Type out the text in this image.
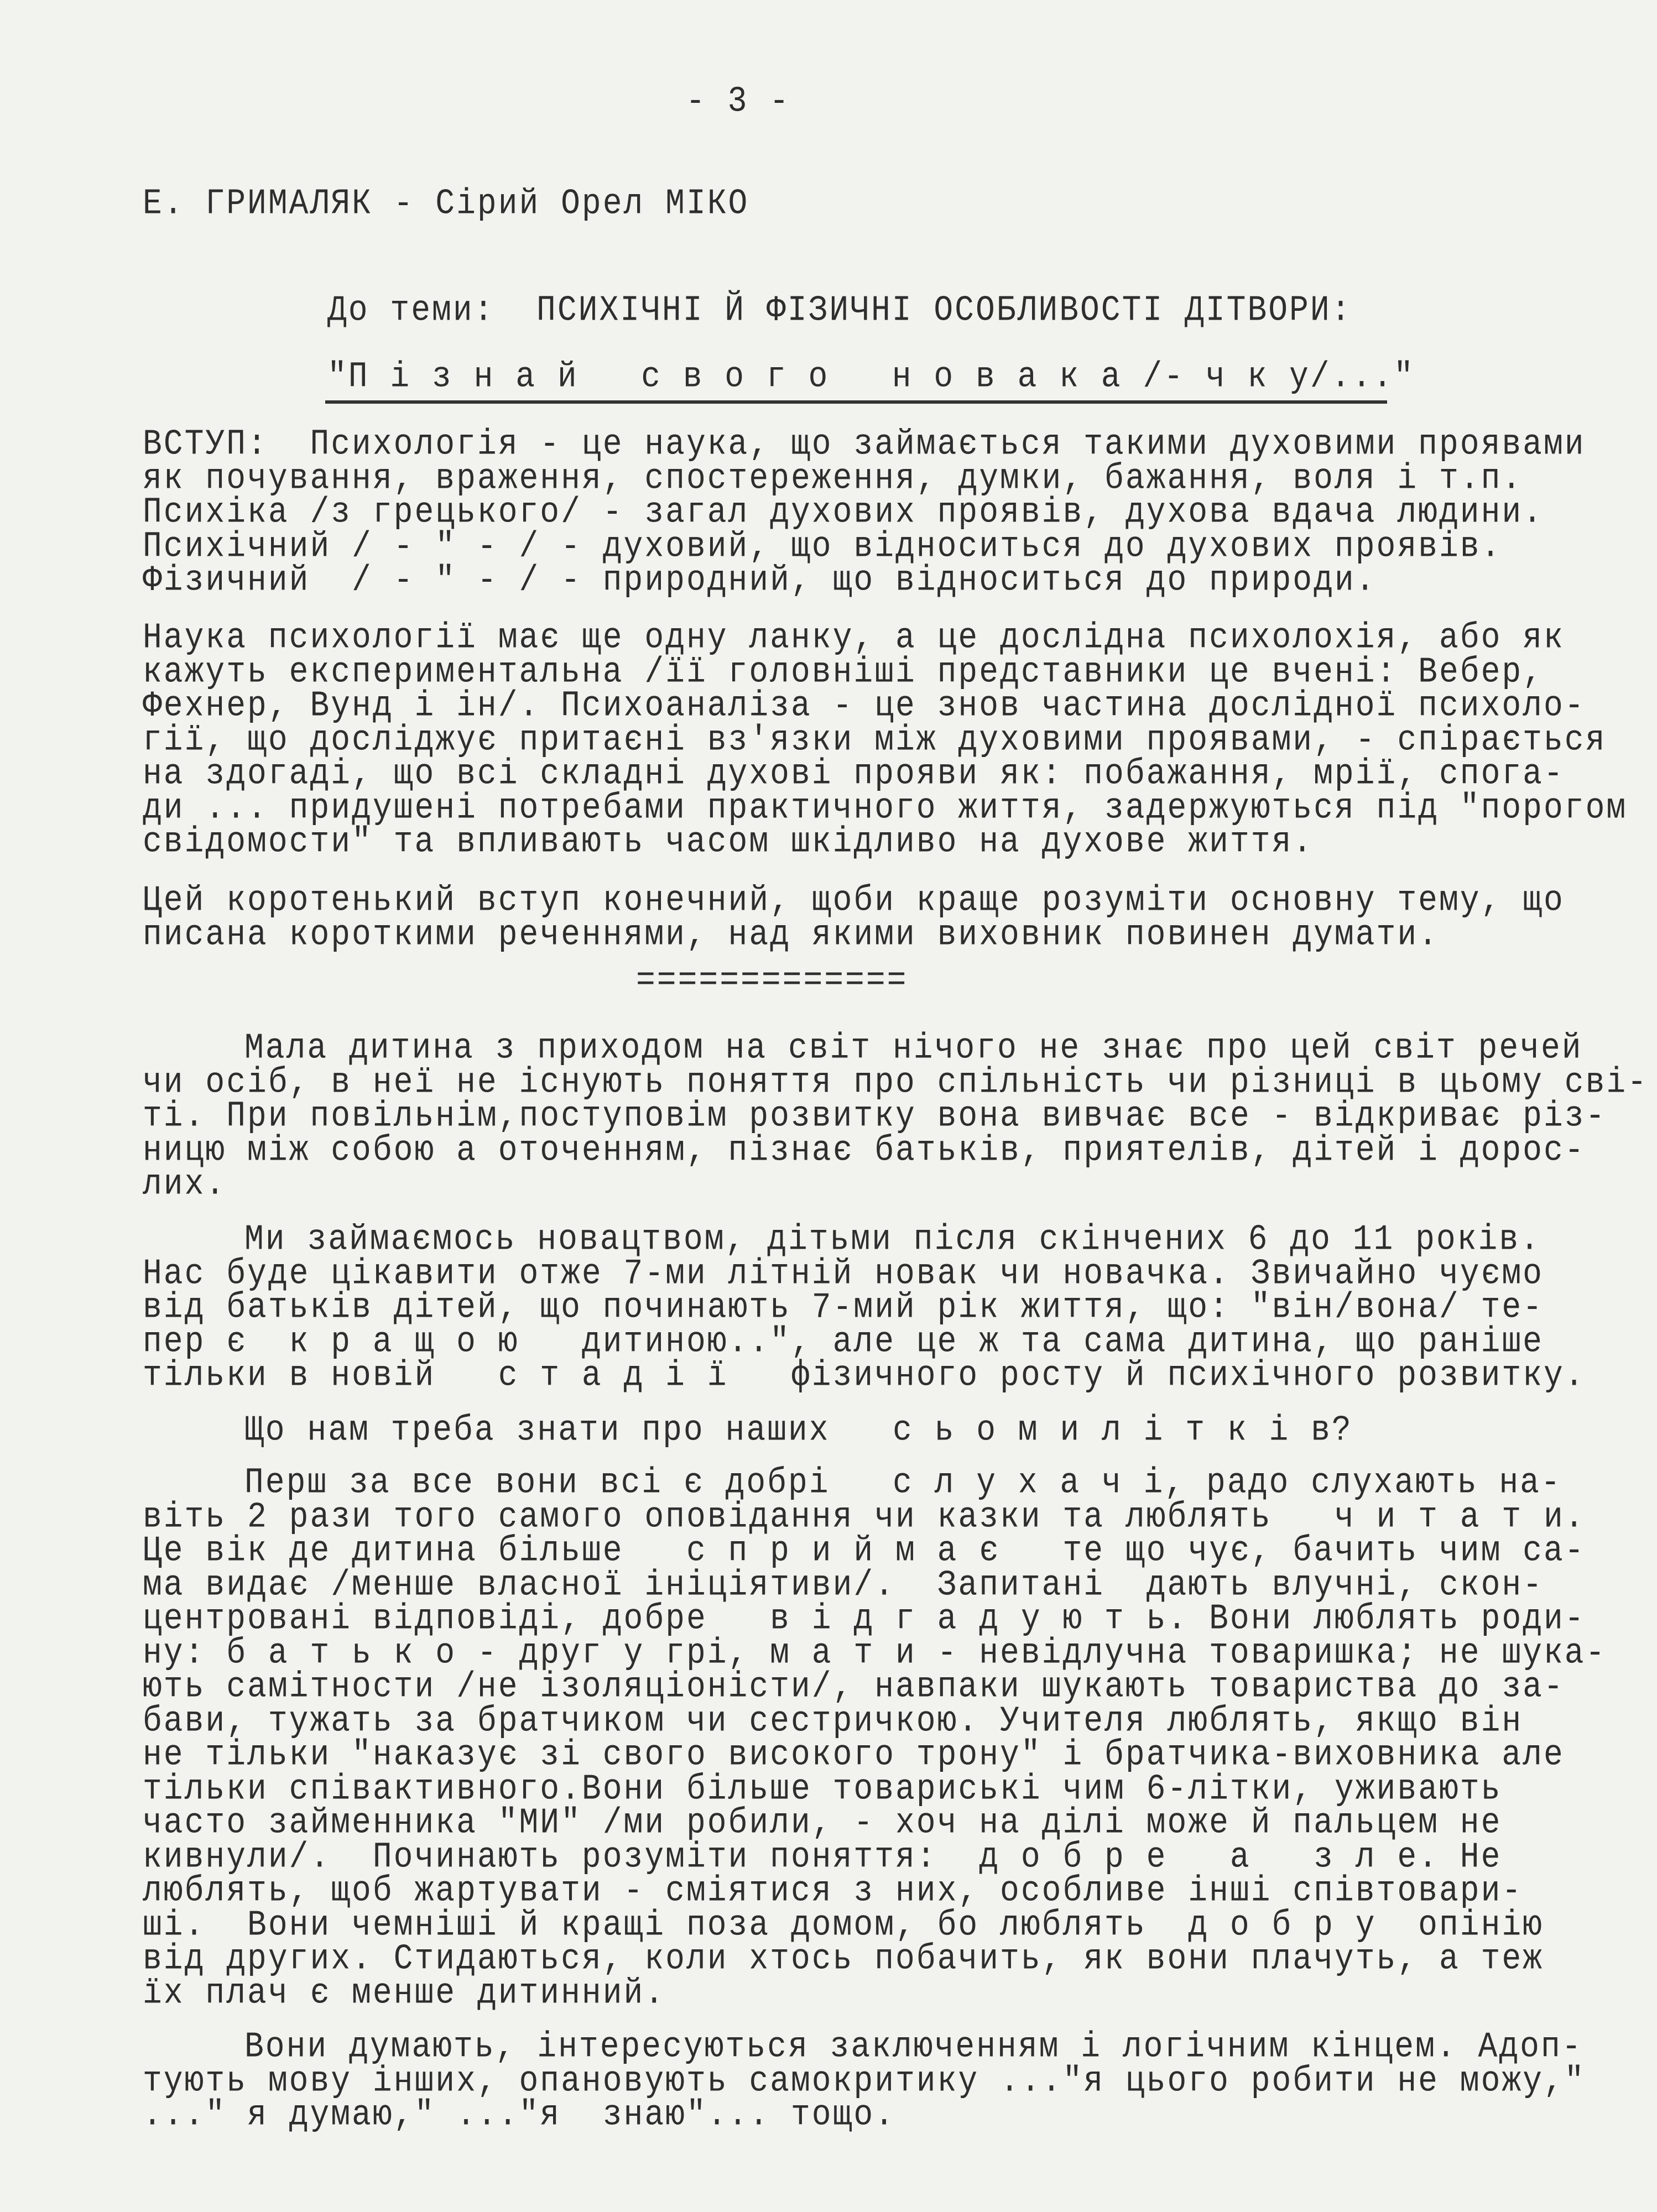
- 3 -
Е. ГРИМАЛЯК - Сірий Орел МІКО
До теми:  ПСИХІЧНІ Й ФІЗИЧНІ ОСОБЛИВОСТІ ДІТВОРИ:
"П і з н а й   с в о г о   н о в а к а /- ч к у/..."
=============
ВСТУП:  Психологія - це наука, що займається такими духовими проявами
як почування, враження, спостереження, думки, бажання, воля і т.п.
Психіка /з грецького/ - загал духових проявів, духова вдача людини.
Психічний / - " - / - духовий, що відноситься до духових проявів.
Фізичний  / - " - / - природний, що відноситься до природи.
Наука психології має ще одну ланку, а це дослідна психолохія, або як
кажуть експериментальна /її головніші представники це вчені: Вебер,
Фехнер, Вунд і ін/. Психоаналіза - це знов частина дослідної психоло-
гії, що досліджує притаєні вз'язки між духовими проявами, - спірається
на здогаді, що всі складні духові прояви як: побажання, мрії, спога-
ди ... придушені потребами практичного життя, задержуються під "порогом
свідомости" та впливають часом шкідливо на духове життя.
Цей коротенький вступ конечний, щоби краще розуміти основну тему, що
писана короткими реченнями, над якими виховник повинен думати.
Мала дитина з приходом на світ нічого не знає про цей світ речей
чи осіб, в неї не існують поняття про спільність чи різниці в цьому сві-
ті. При повільнім,поступовім розвитку вона вивчає все - відкриває різ-
ницю між собою а оточенням, пізнає батьків, приятелів, дітей і дорос-
лих.
Ми займаємось новацтвом, дітьми після скінчених 6 до 11 років.
Нас буде цікавити отже 7-ми літній новак чи новачка. Звичайно чуємо
від батьків дітей, що починають 7-мий рік життя, що: "він/вона/ те-
пер є  к р а щ о ю   дитиною..", але це ж та сама дитина, що раніше
тільки в новій   с т а д і ї   фізичного росту й психічного розвитку.
Що нам треба знати про наших   с ь о м и л і т к і в?
Перш за все вони всі є добрі   с л у х а ч і, радо слухають на-
віть 2 рази того самого оповідання чи казки та люблять   ч и т а т и.
Це вік де дитина більше   с п р и й м а є   те що чує, бачить чим са-
ма видає /менше власної ініціятиви/.  Запитані  дають влучні, скон-
центровані відповіді, добре   в і д г а д у ю т ь. Вони люблять роди-
ну: б а т ь к о - друг у грі, м а т и - невідлучна товаришка; не шука-
ють самітности /не ізоляціоністи/, навпаки шукають товариства до за-
бави, тужать за братчиком чи сестричкою. Учителя люблять, якщо він
не тільки "наказує зі свого високого трону" і братчика-виховника але
тільки співактивного.Вони більше товариські чим 6-літки, уживають
часто займенника "МИ" /ми робили, - хоч на ділі може й пальцем не
кивнули/.  Починають розуміти поняття:  д о б р е   а   з л е. Не
люблять, щоб жартувати - сміятися з них, особливе інші співтовари-
ші.  Вони чемніші й кращі поза домом, бо люблять  д о б р у  опінію
від других. Стидаються, коли хтось побачить, як вони плачуть, а теж
їх плач є менше дитинний.
Вони думають, інтересуються заключенням і логічним кінцем. Адоп-
тують мову інших, опановують самокритику ..."я цього робити не можу,"
..." я думаю," ..."я  знаю"... тощо.
